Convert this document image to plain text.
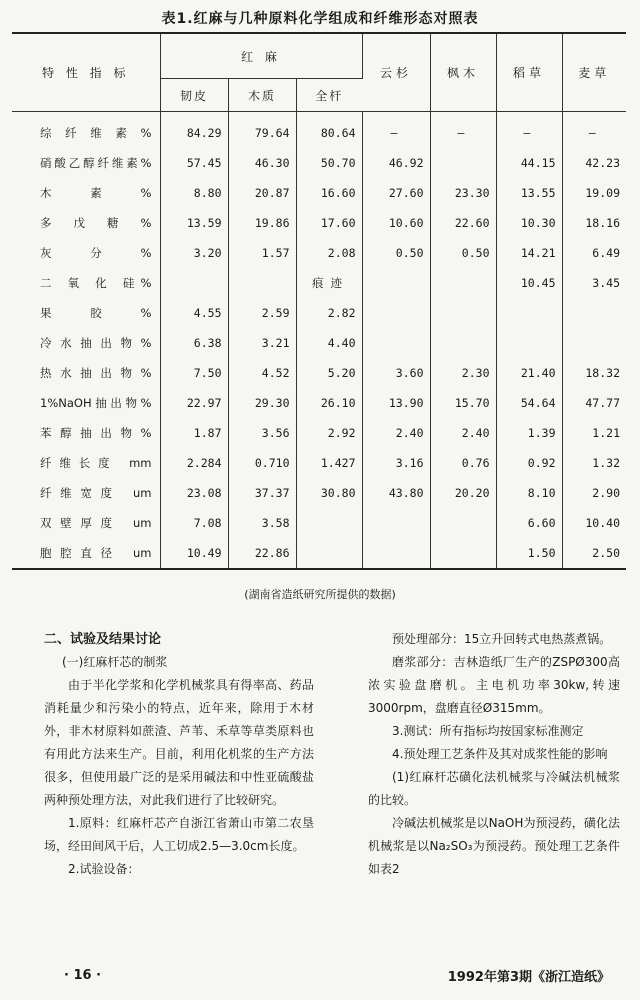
表1.红麻与几种原料化学组成和纤维形态对照表
特 性 指 标	红 麻			云杉	枫木	稻草	麦草
	韧皮	木质	全杆				
综纤维素%	84.29	79.64	80.64	—	—	—	—
硝酸乙醇纤维素%	57.45	46.30	50.70	46.92		44.15	42.23
木 素 %	8.80	20.87	16.60	27.60	23.30	13.55	19.09
多 戊 糖 %	13.59	19.86	17.60	10.60	22.60	10.30	18.16
灰 分 %	3.20	1.57	2.08	0.50	0.50	14.21	6.49
二 氧 化 硅%			痕 迹			10.45	3.45
果 胶 %	4.55	2.59	2.82				
冷水抽出物%	6.38	3.21	4.40				
热水抽出物%	7.50	4.52	5.20	3.60	2.30	21.40	18.32
1%NaOH抽出物%	22.97	29.30	26.10	13.90	15.70	54.64	47.77
苯醇抽出物%	1.87	3.56	2.92	2.40	2.40	1.39	1.21
纤维长度 mm	2.284	0.710	1.427	3.16	0.76	0.92	1.32
纤维宽度 um	23.08	37.37	30.80	43.80	20.20	8.10	2.90
双壁厚度 um	7.08	3.58				6.60	10.40
胞腔直径 um	10.49	22.86				1.50	2.50
(湖南省造纸研究所提供的数据)

二、试验及结果讨论

(一)红麻杆芯的制浆

由于半化学浆和化学机械浆具有得率高、药品消耗量少和污染小的特点，近年来，除用于木材外，非木材原料如蔗渣、芦苇、禾草等草类原料也有用此方法来生产。目前，利用化机浆的生产方法很多，但使用最广泛的是采用碱法和中性亚硫酸盐两种预处理方法，对此我们进行了比较研究。

1.原料：红麻杆芯产自浙江省萧山市第二农垦场，经田间风干后，人工切成2.5—3.0cm长度。

2.试验设备：

预处理部分：15立升回转式电热蒸煮锅。

磨浆部分：吉林造纸厂生产的ZSPØ300高浓实验盘磨机。主电机功率30kw,转速3000rpm，盘磨直径Ø315mm。

3.测试：所有指标均按国家标准测定

4.预处理工艺条件及其对成浆性能的影响

(1)红麻杆芯磺化法机械浆与冷碱法机械浆的比较。

冷碱法机械浆是以NaOH为预浸药，磺化法机械浆是以Na₂SO₃为预浸药。预处理工艺条件如表2

· 16 ·	1992年第3期《浙江造纸》
